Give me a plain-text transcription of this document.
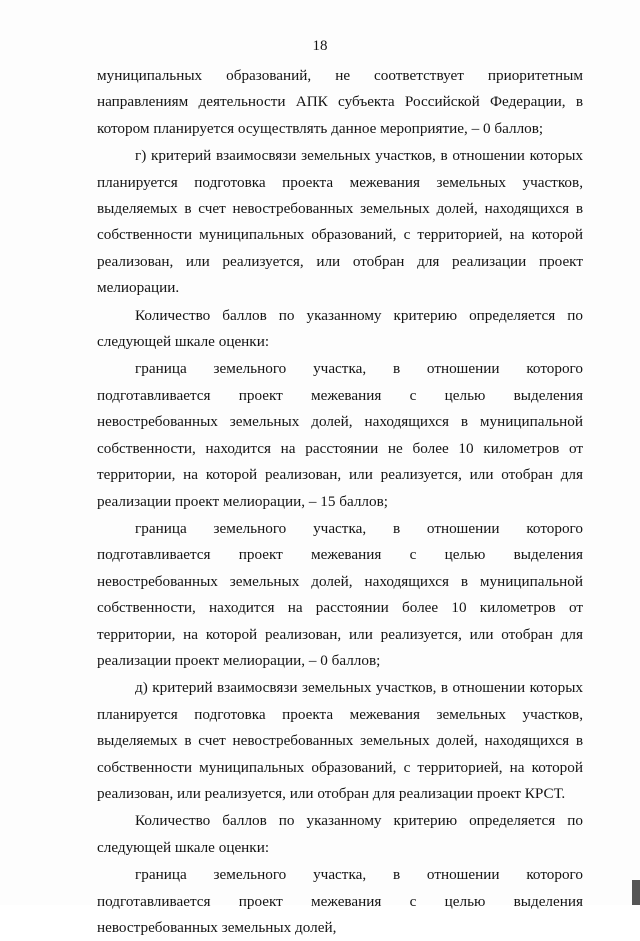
18

муниципальных образований, не соответствует приоритетным направлениям деятельности АПК субъекта Российской Федерации, в котором планируется осуществлять данное мероприятие, – 0 баллов;

г) критерий взаимосвязи земельных участков, в отношении которых планируется подготовка проекта межевания земельных участков, выделяемых в счет невостребованных земельных долей, находящихся в собственности муниципальных образований, с территорией, на которой реализован, или реализуется, или отобран для реализации проект мелиорации.

Количество баллов по указанному критерию определяется по следующей шкале оценки:

граница земельного участка, в отношении которого подготавливается проект межевания с целью выделения невостребованных земельных долей, находящихся в муниципальной собственности, находится на расстоянии не более 10 километров от территории, на которой реализован, или реализуется, или отобран для реализации проект мелиорации, – 15 баллов;

граница земельного участка, в отношении которого подготавливается проект межевания с целью выделения невостребованных земельных долей, находящихся в муниципальной собственности, находится на расстоянии более 10 километров от территории, на которой реализован, или реализуется, или отобран для реализации проект мелиорации, – 0 баллов;

д) критерий взаимосвязи земельных участков, в отношении которых планируется подготовка проекта межевания земельных участков, выделяемых в счет невостребованных земельных долей, находящихся в собственности муниципальных образований, с территорией, на которой реализован, или реализуется, или отобран для реализации проект КРСТ.

Количество баллов по указанному критерию определяется по следующей шкале оценки:

граница земельного участка, в отношении которого подготавливается проект межевания с целью выделения невостребованных земельных долей,
